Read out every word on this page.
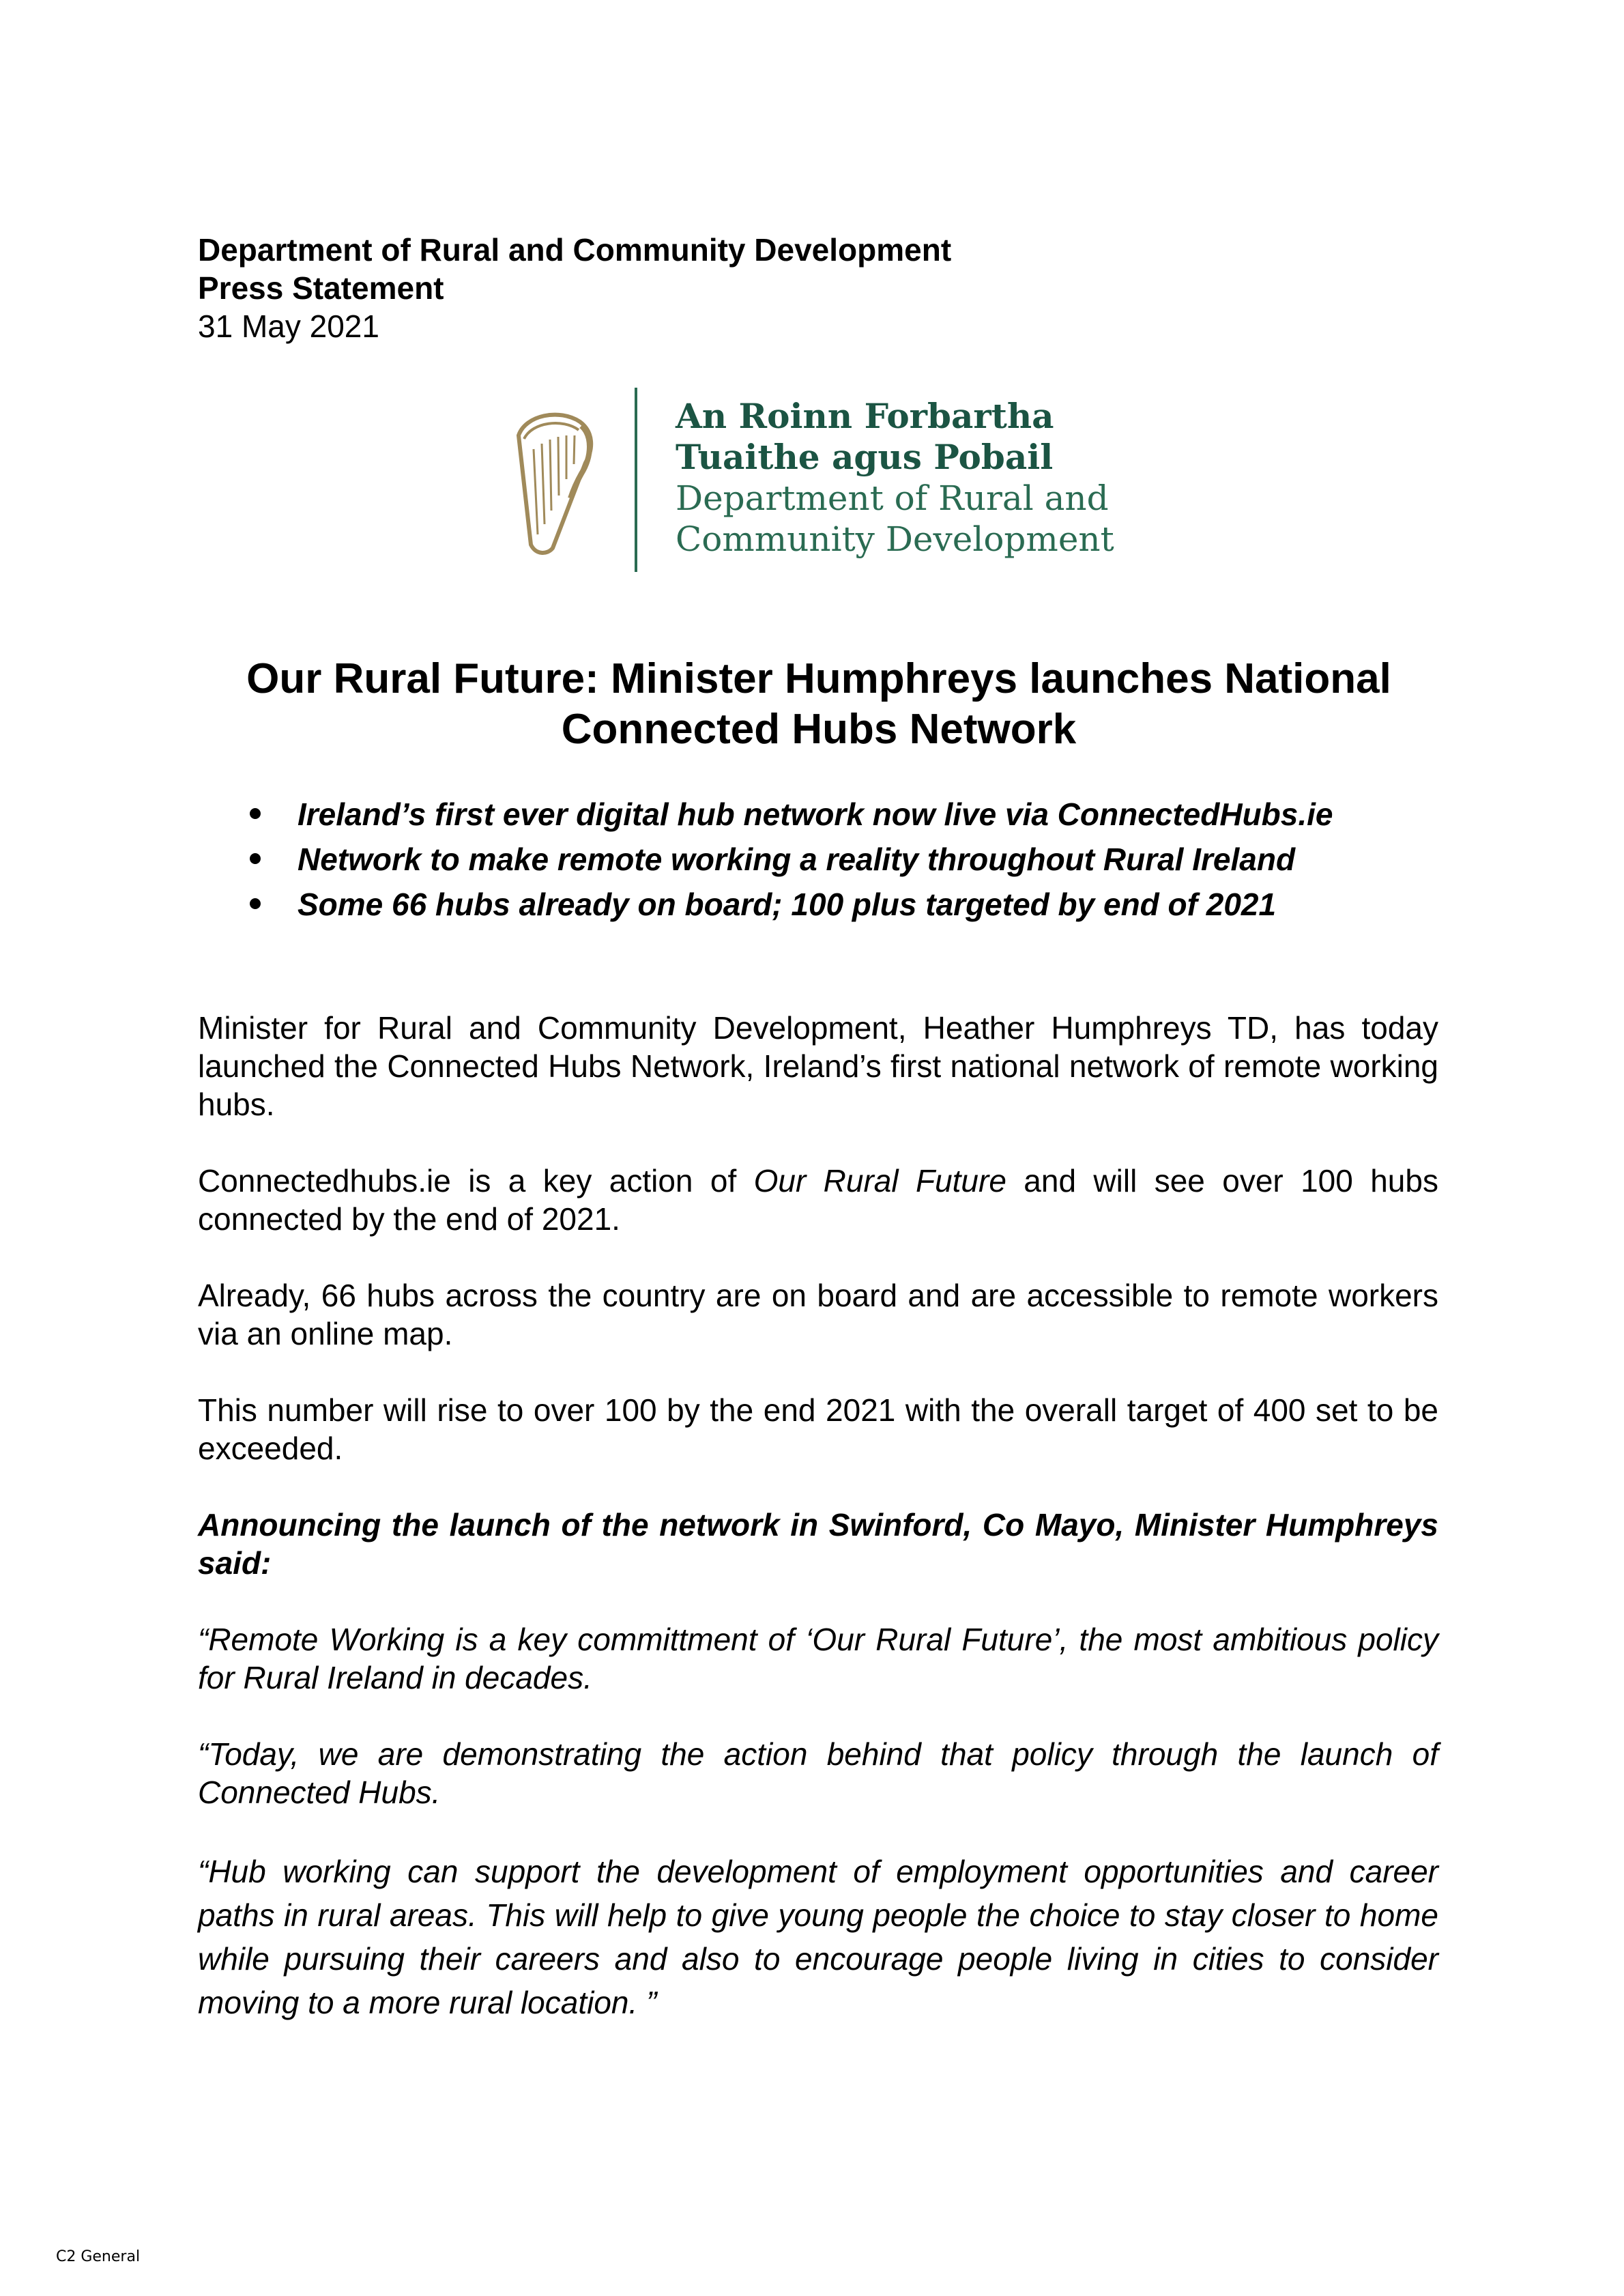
Department of Rural and Community Development
Press Statement
31 May 2021
An Roinn Forbartha
Tuaithe agus Pobail
Department of Rural and
Community Development
Our Rural Future: Minister Humphreys launches National
Connected Hubs Network
Ireland’s first ever digital hub network now live via ConnectedHubs.ie
Network to make remote working a reality throughout Rural Ireland
Some 66 hubs already on board; 100 plus targeted by end of 2021

Minister for Rural and Community Development, Heather Humphreys TD, has today launched the Connected Hubs Network, Ireland’s first national network of remote working hubs.

Connectedhubs.ie is a key action of Our Rural Future and will see over 100 hubs connected by the end of 2021.

Already, 66 hubs across the country are on board and are accessible to remote workers via an online map.

This number will rise to over 100 by the end 2021 with the overall target of 400 set to be exceeded.

Announcing the launch of the network in Swinford, Co Mayo, Minister Humphreys said:

“Remote Working is a key committment of ‘Our Rural Future’, the most ambitious policy for Rural Ireland in decades.

“Today, we are demonstrating the action behind that policy through the launch of Connected Hubs.

“Hub working can support the development of employment opportunities and career paths in rural areas. This will help to give young people the choice to stay closer to home while pursuing their careers and also to encourage people living in cities to consider moving to a more rural location. ”

C2 General
